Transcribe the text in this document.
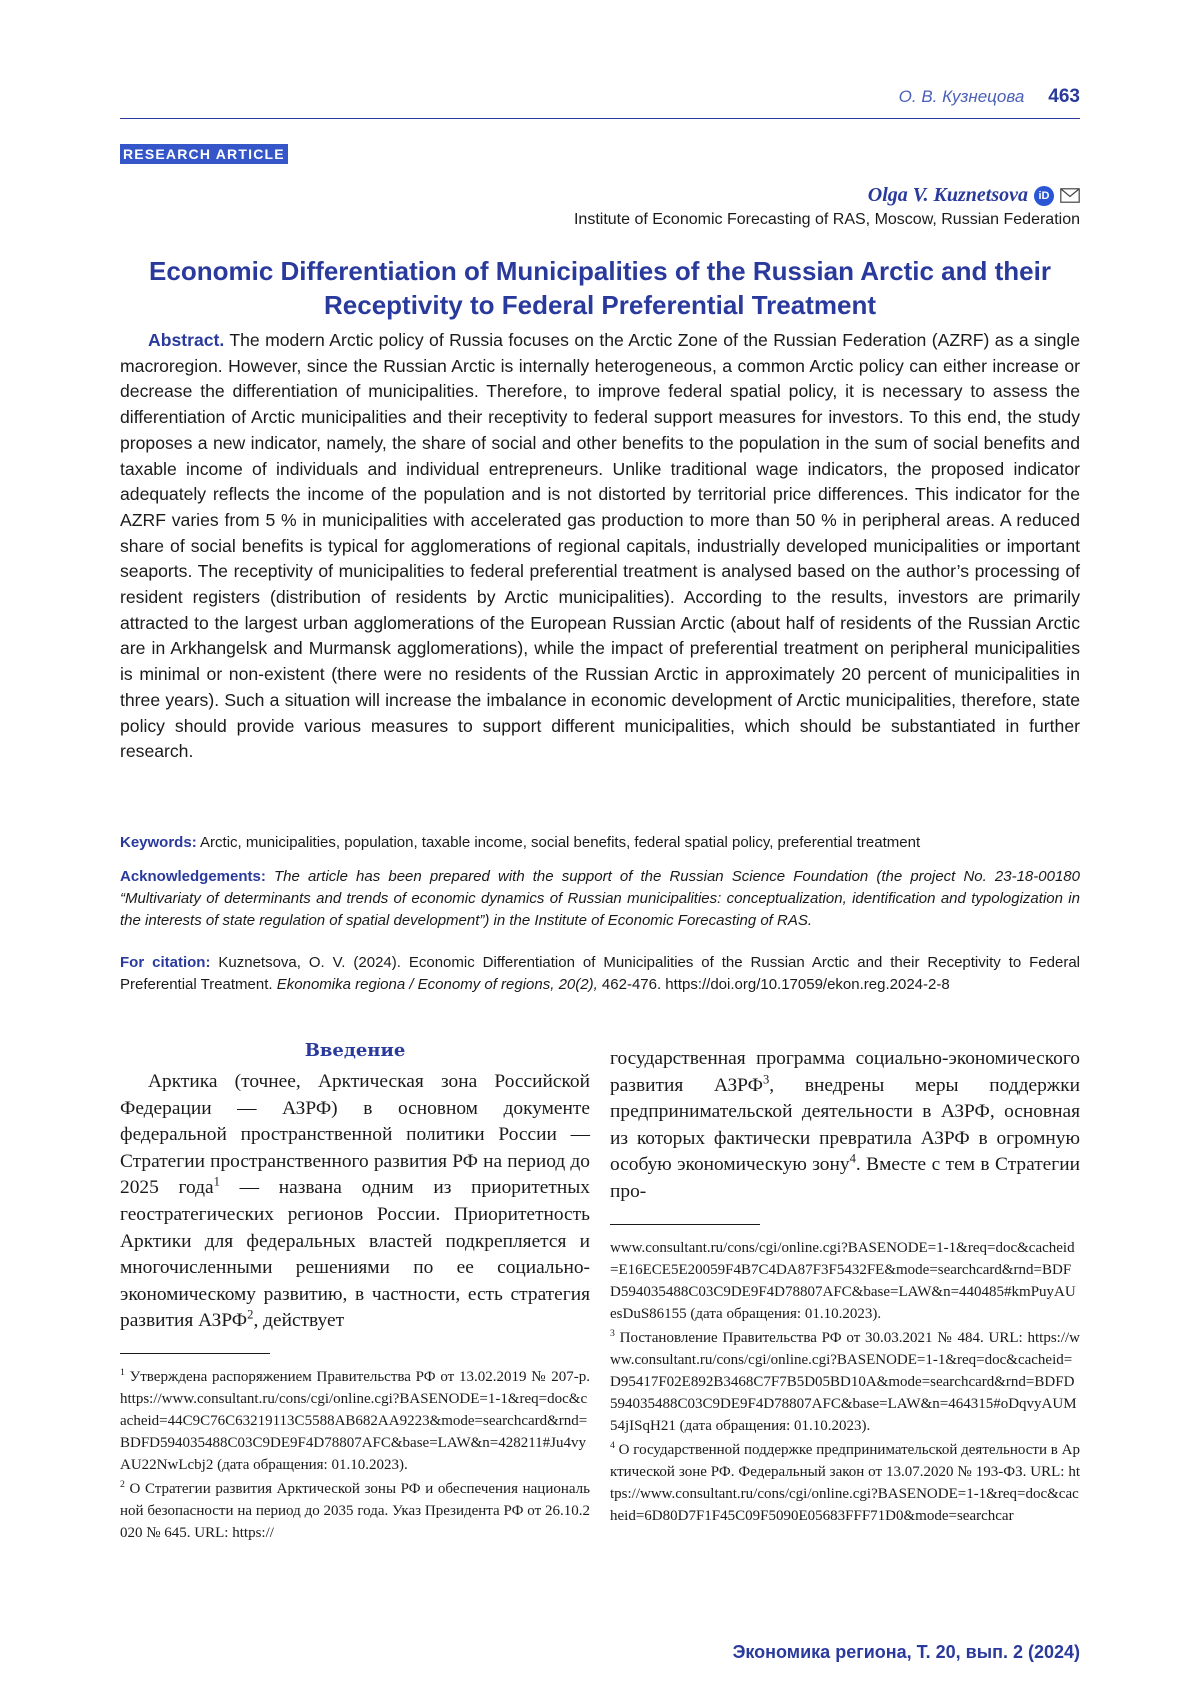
О. В. Кузнецова 463
RESEARCH ARTICLE
Olga V. Kuznetsova iD
Institute of Economic Forecasting of RAS, Moscow, Russian Federation
Economic Differentiation of Municipalities of the Russian Arctic and their Receptivity to Federal Preferential Treatment

Abstract. The modern Arctic policy of Russia focuses on the Arctic Zone of the Russian Federation (AZRF) as a single macroregion. However, since the Russian Arctic is internally heterogeneous, a common Arctic policy can either increase or decrease the differentiation of municipalities. Therefore, to improve federal spatial policy, it is necessary to assess the differentiation of Arctic municipalities and their receptivity to federal support measures for investors. To this end, the study proposes a new indicator, namely, the share of social and other benefits to the population in the sum of social benefits and taxable income of individuals and individual entrepreneurs. Unlike traditional wage indicators, the proposed indicator adequately reflects the income of the population and is not distorted by territorial price differences. This indicator for the AZRF varies from 5 % in municipalities with accelerated gas production to more than 50 % in peripheral areas. A reduced share of social benefits is typical for agglomerations of regional capitals, industrially developed municipalities or important seaports. The receptivity of municipalities to federal preferential treatment is analysed based on the author’s processing of resident registers (distribution of residents by Arctic municipalities). According to the results, investors are primarily attracted to the largest urban agglomerations of the European Russian Arctic (about half of residents of the Russian Arctic are in Arkhangelsk and Murmansk agglomerations), while the impact of preferential treatment on peripheral municipalities is minimal or non-existent (there were no residents of the Russian Arctic in approximately 20 percent of municipalities in three years). Such a situation will increase the imbalance in economic development of Arctic municipalities, therefore, state policy should provide various measures to support different municipalities, which should be substantiated in further research.

Keywords: Arctic, municipalities, population, taxable income, social benefits, federal spatial policy, preferential treatment

Acknowledgements: The article has been prepared with the support of the Russian Science Foundation (the project No. 23-18-00180 “Multivariaty of determinants and trends of economic dynamics of Russian municipalities: conceptualization, identification and typologization in the interests of state regulation of spatial development”) in the Institute of Economic Forecasting of RAS.

For citation: Kuznetsova, O. V. (2024). Economic Differentiation of Municipalities of the Russian Arctic and their Receptivity to Federal Preferential Treatment. Ekonomika regiona / Economy of regions, 20(2), 462-476. https://doi.org/10.17059/ekon.reg.2024-2-8

Введение

Арктика (точнее, Арктическая зона Российской Федерации — АЗРФ) в основном документе федеральной пространственной политики России — Стратегии пространственного развития РФ на период до 2025 года$^1$ — названа одним из приоритетных геостратегических регионов России. Приоритетность Арктики для федеральных властей подкрепляется и многочисленными решениями по ее социально-экономическому развитию, в частности, есть стратегия развития АЗРФ$^2$, действует

$^1$ Утверждена распоряжением Правительства РФ от 13.02.2019 № 207-р. https://www.consultant.ru/cons/cgi/online.cgi?BASENODE=1-1&req=doc&cacheid=44C9C76C63219113C5588AB682AA9223&mode=searchcard&rnd=BDFD594035488C03C9DE9F4D78807AFC&base=LAW&n=428211#Ju4vyAU22NwLcbj2 (дата обращения: 01.10.2023).

$^2$ О Стратегии развития Арктической зоны РФ и обеспечения национальной безопасности на период до 2035 года. Указ Президента РФ от 26.10.2020 № 645. URL: https://

государственная программа социально-экономического развития АЗРФ$^3$, внедрены меры поддержки предпринимательской деятельности в АЗРФ, основная из которых фактически превратила АЗРФ в огромную особую экономическую зону$^4$. Вместе с тем в Стратегии про-

www.consultant.ru/cons/cgi/online.cgi?BASENODE=1-1&req=doc&cacheid=E16ECE5E20059F4B7C4DA87F3F5432FE&mode=searchcard&rnd=BDFD594035488C03C9DE9F4D78807AFC&base=LAW&n=440485#kmPuyAUesDuS86155 (дата обращения: 01.10.2023).

$^3$ Постановление Правительства РФ от 30.03.2021 № 484. URL: https://www.consultant.ru/cons/cgi/online.cgi?BASENODE=1-1&req=doc&cacheid=D95417F02E892B3468C7F7B5D05BD10A&mode=searchcard&rnd=BDFD594035488C03C9DE9F4D78807AFC&base=LAW&n=464315#oDqvyAUM54jISqH21 (дата обращения: 01.10.2023).

$^4$ О государственной поддержке предпринимательской деятельности в Арктической зоне РФ. Федеральный закон от 13.07.2020 № 193-ФЗ. URL: https://www.consultant.ru/cons/cgi/online.cgi?BASENODE=1-1&req=doc&cacheid=6D80D7F1F45C09F5090E05683FFF71D0&mode=searchcar

Экономика региона, Т. 20, вып. 2 (2024)
